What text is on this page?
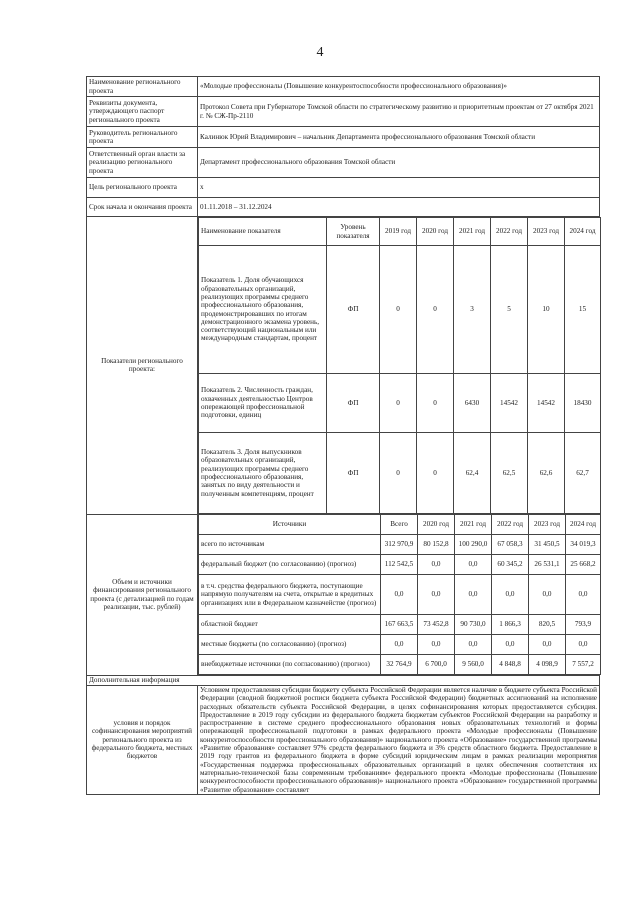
4
Наименование регионального проекта	«Молодые профессионалы (Повышение конкурентоспособности профессионального образования)»
Реквизиты документа, утверждающего паспорт регионального проекта	Протокол Совета при Губернаторе Томской области по стратегическому развитию и приоритетным проектам от 27 октября 2021 г. № СЖ-Пр-2110
Руководитель регионального проекта	Калинюк Юрий Владимирович – начальник Департамента профессионального образования Томской области
Ответственный орган власти за реализацию регионального проекта	Департамент профессионального образования Томской области
Цель регионального проекта	х
Срок начала и окончания проекта	01.11.2018 – 31.12.2024
Показатели регионального проекта:	
Наименование показателя	Уровень показателя	2019 год	2020 год	2021 год	2022 год	2023 год	2024 год
Показатель 1. Доля обучающихся образовательных организаций, реализующих программы среднего профессионального образования, продемонстрировавших по итогам демонстрационного экзамена уровень, соответствующий национальным или международным стандартам, процент	ФП	0	0	3	5	10	15
Показатель 2. Численность граждан, охваченных деятельностью Центров опережающей профессиональной подготовки, единиц	ФП	0	0	6430	14542	14542	18430
Показатель 3. Доля выпускников образовательных организаций, реализующих программы среднего профессионального образования, занятых по виду деятельности и полученным компетенциям, процент	ФП	0	0	62,4	62,5	62,6	62,7

Объем и источники финансирования регионального проекта (с детализацией по годам реализации, тыс. рублей)	
Источники	Всего	2020 год	2021 год	2022 год	2023 год	2024 год
всего по источникам	312 970,9	80 152,8	100 290,0	67 058,3	31 450,5	34 019,3
федеральный бюджет (по согласованию) (прогноз)	112 542,5	0,0	0,0	60 345,2	26 531,1	25 668,2
в т.ч. средства федерального бюджета, поступающие напрямую получателям на счета, открытые в кредитных организациях или в Федеральном казначействе (прогноз)	0,0	0,0	0,0	0,0	0,0	0,0
областной бюджет	167 663,5	73 452,8	90 730,0	1 866,3	820,5	793,9
местные бюджеты (по согласованию) (прогноз)	0,0	0,0	0,0	0,0	0,0	0,0
внебюджетные источники (по согласованию) (прогноз)	32 764,9	6 700,0	9 560,0	4 848,8	4 098,9	7 557,2

Дополнительная информация
условия и порядок софинансирования мероприятий регионального проекта из федерального бюджета, местных бюджетов	Условием предоставления субсидии бюджету субъекта Российской Федерации является наличие в бюджете субъекта Российской Федерации (сводной бюджетной росписи бюджета субъекта Российской Федерации) бюджетных ассигнований на исполнение расходных обязательств субъекта Российской Федерации, в целях софинансирования которых предоставляется субсидия. Предоставление в 2019 году субсидии из федерального бюджета бюджетам субъектов Российской Федерации на разработку и распространение в системе среднего профессионального образования новых образовательных технологий и формы опережающей профессиональной подготовки в рамках федерального проекта «Молодые профессионалы (Повышение конкурентоспособности профессионального образования)» национального проекта «Образование» государственной программы «Развитие образования» составляет 97% средств федерального бюджета и 3% средств областного бюджета. Предоставление в 2019 году грантов из федерального бюджета в форме субсидий юридическим лицам в рамках реализации мероприятия «Государственная поддержка профессиональных образовательных организаций в целях обеспечения соответствия их материально-технической базы современным требованиям» федерального проекта «Молодые профессионалы (Повышение конкурентоспособности профессионального образования)» национального проекта «Образование» государственной программы «Развитие образования» составляет
